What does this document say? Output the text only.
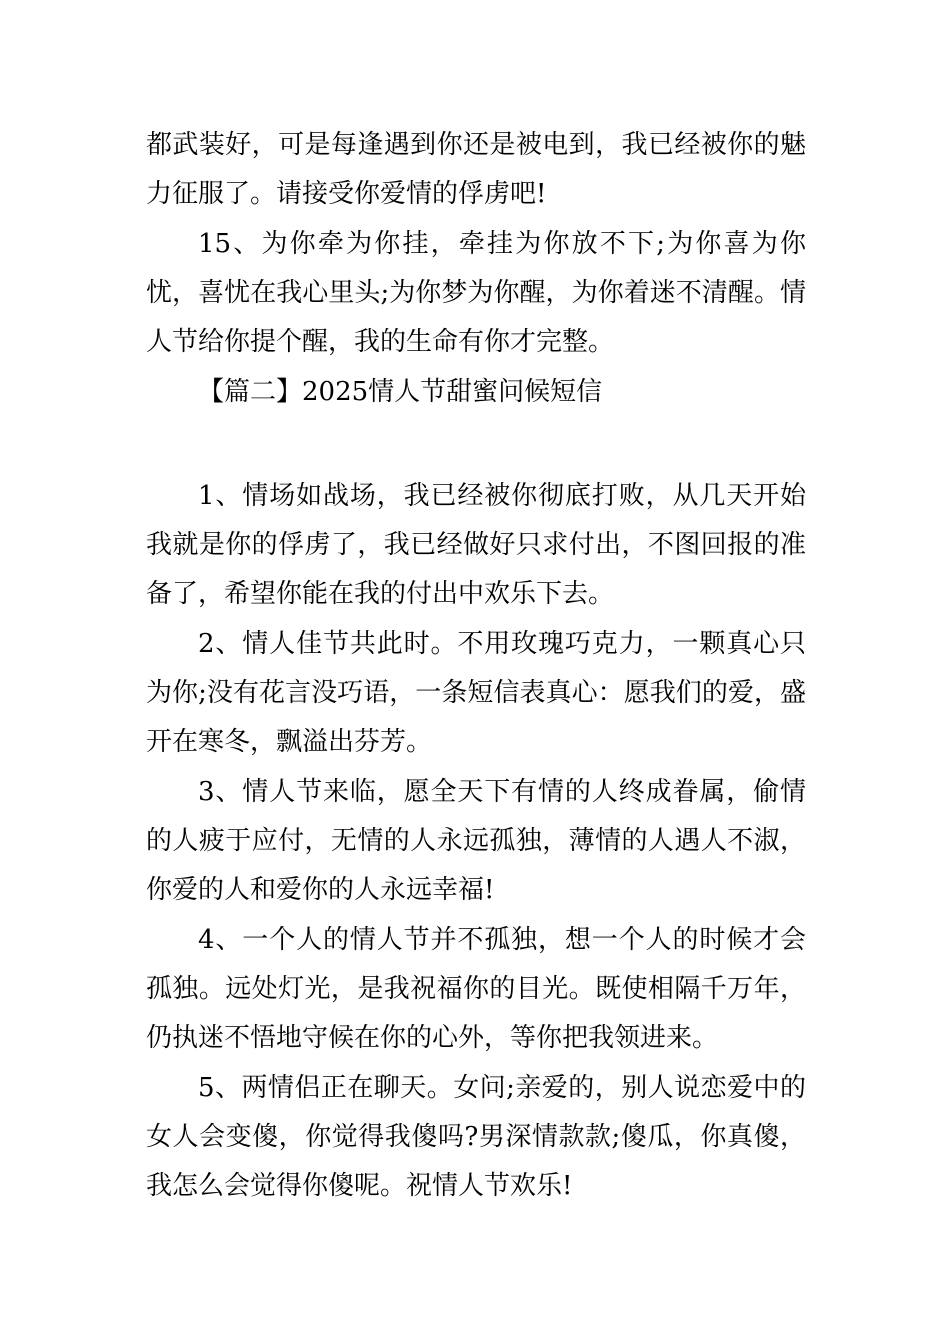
都武装好，可是每逢遇到你还是被电到，我已经被你的魅力征服了。请接受你爱情的俘虏吧!

15、为你牵为你挂，牵挂为你放不下;为你喜为你忧，喜忧在我心里头;为你梦为你醒，为你着迷不清醒。情人节给你提个醒，我的生命有你才完整。

【篇二】2025情人节甜蜜问候短信

1、情场如战场，我已经被你彻底打败，从几天开始我就是你的俘虏了，我已经做好只求付出，不图回报的准备了，希望你能在我的付出中欢乐下去。

2、情人佳节共此时。不用玫瑰巧克力，一颗真心只为你;没有花言没巧语，一条短信表真心：愿我们的爱，盛开在寒冬，飘溢出芬芳。

3、情人节来临，愿全天下有情的人终成眷属，偷情的人疲于应付，无情的人永远孤独，薄情的人遇人不淑，你爱的人和爱你的人永远幸福!

4、一个人的情人节并不孤独，想一个人的时候才会孤独。远处灯光，是我祝福你的目光。既使相隔千万年，仍执迷不悟地守候在你的心外，等你把我领进来。

5、两情侣正在聊天。女问;亲爱的，别人说恋爱中的女人会变傻，你觉得我傻吗?男深情款款;傻瓜，你真傻，我怎么会觉得你傻呢。祝情人节欢乐!
